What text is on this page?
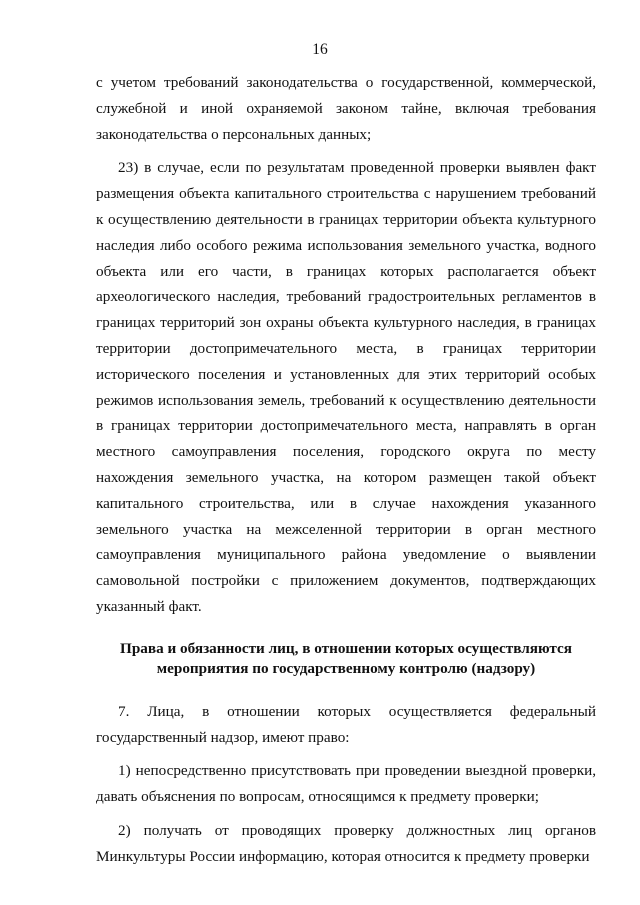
16

с учетом требований законодательства о государственной, коммерческой, служебной и иной охраняемой законом тайне, включая требования законодательства о персональных данных;

23) в случае, если по результатам проведенной проверки выявлен факт размещения объекта капитального строительства с нарушением требований к осуществлению деятельности в границах территории объекта культурного наследия либо особого режима использования земельного участка, водного объекта или его части, в границах которых располагается объект археологического наследия, требований градостроительных регламентов в границах территорий зон охраны объекта культурного наследия, в границах территории достопримечательного места, в границах территории исторического поселения и установленных для этих территорий особых режимов использования земель, требований к осуществлению деятельности в границах территории достопримечательного места, направлять в орган местного самоуправления поселения, городского округа по месту нахождения земельного участка, на котором размещен такой объект капитального строительства, или в случае нахождения указанного земельного участка на межселенной территории в орган местного самоуправления муниципального района уведомление о выявлении самовольной постройки с приложением документов, подтверждающих указанный факт.

Права и обязанности лиц, в отношении которых осуществляются
мероприятия по государственному контролю (надзору)

7. Лица, в отношении которых осуществляется федеральный государственный надзор, имеют право:

1) непосредственно присутствовать при проведении выездной проверки, давать объяснения по вопросам, относящимся к предмету проверки;

2) получать от проводящих проверку должностных лиц органов Минкультуры России информацию, которая относится к предмету проверки
